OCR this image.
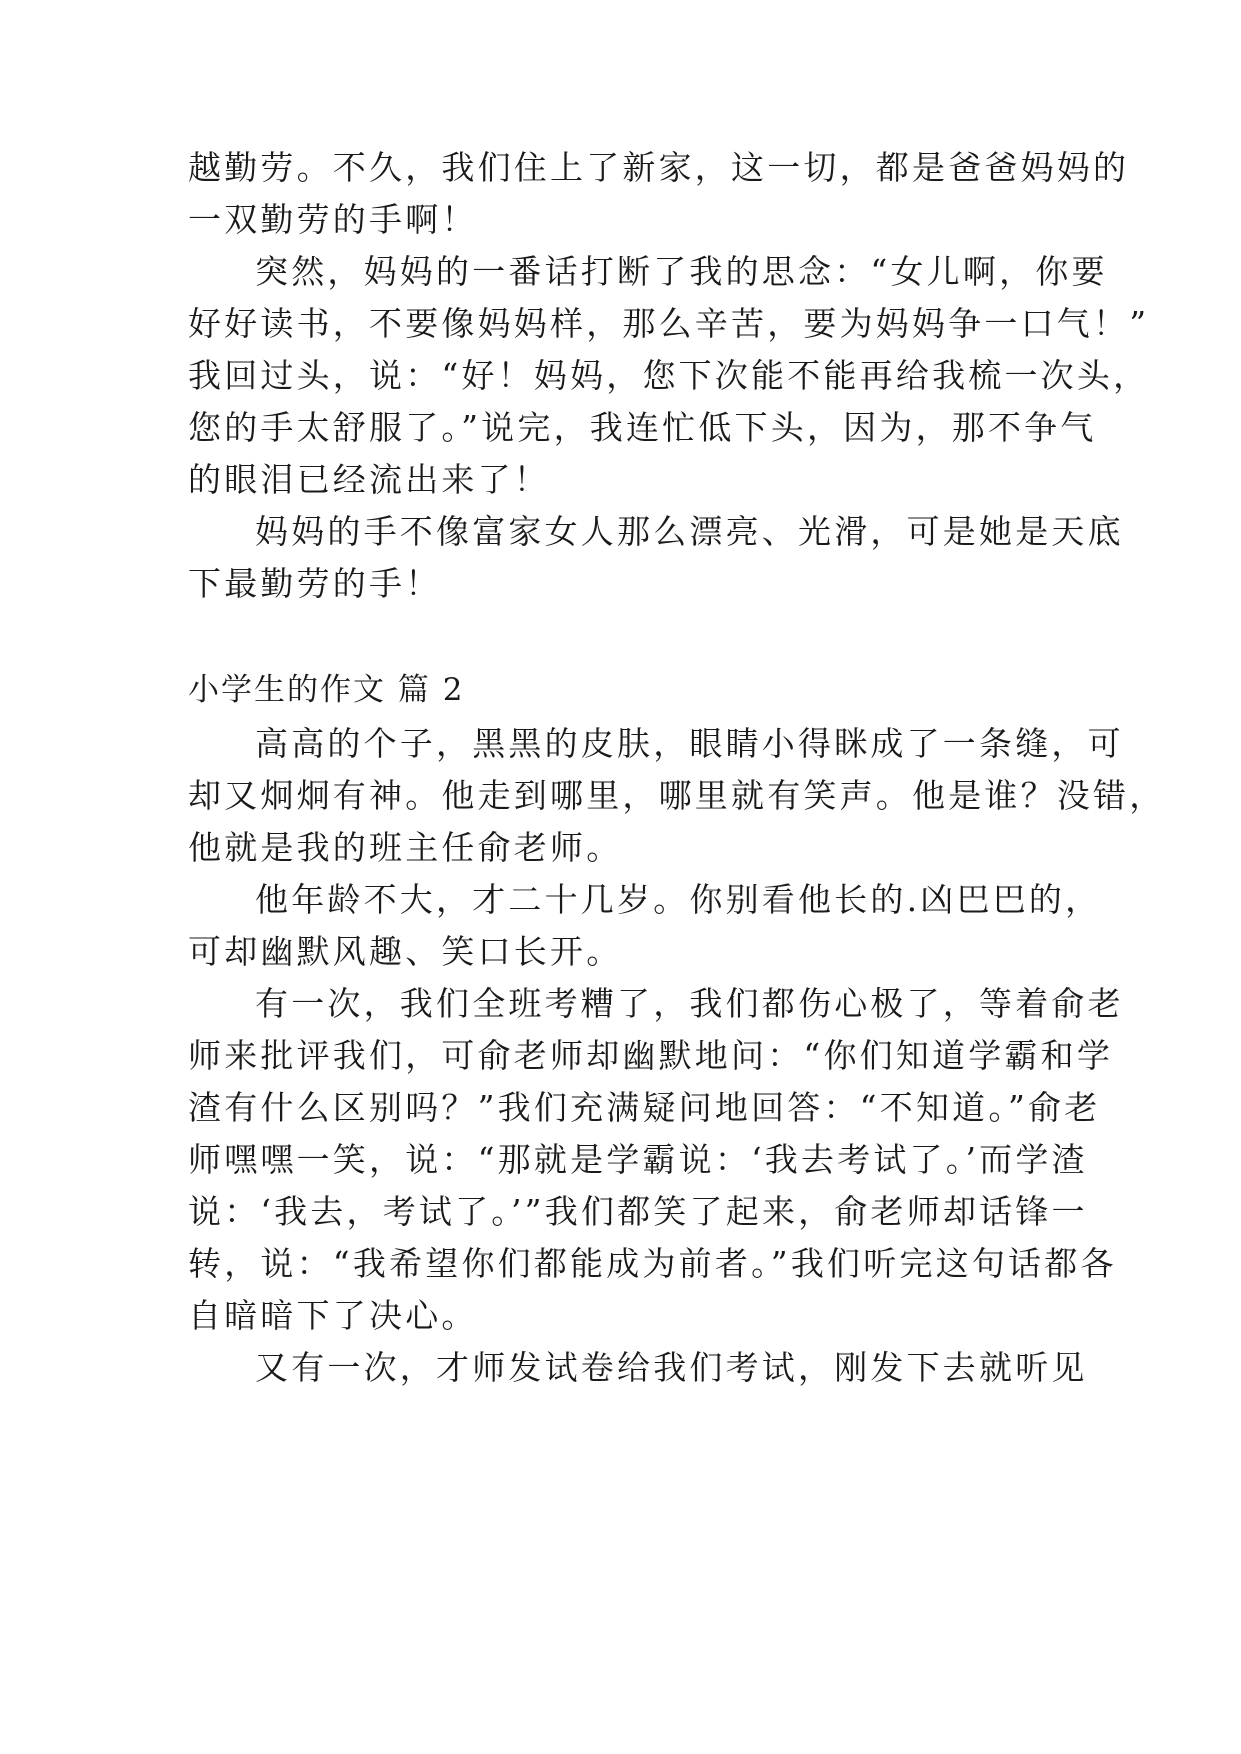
越勤劳。不久，我们住上了新家，这一切，都是爸爸妈妈的
一双勤劳的手啊！
突然，妈妈的一番话打断了我的思念：“女儿啊，你要
好好读书，不要像妈妈样，那么辛苦，要为妈妈争一口气！”
我回过头，说：“好！妈妈，您下次能不能再给我梳一次头，
您的手太舒服了。”说完，我连忙低下头，因为，那不争气
的眼泪已经流出来了！
妈妈的手不像富家女人那么漂亮、光滑，可是她是天底
下最勤劳的手！
小学生的作文 篇 2
高高的个子，黑黑的皮肤，眼睛小得眯成了一条缝，可
却又炯炯有神。他走到哪里，哪里就有笑声。他是谁？没错，
他就是我的班主任俞老师。
他年龄不大，才二十几岁。你别看他长的.凶巴巴的，
可却幽默风趣、笑口长开。
有一次，我们全班考糟了，我们都伤心极了，等着俞老
师来批评我们，可俞老师却幽默地问：“你们知道学霸和学
渣有什么区别吗？”我们充满疑问地回答：“不知道。”俞老
师嘿嘿一笑，说：“那就是学霸说：‘我去考试了。’而学渣
说：‘我去，考试了。’”我们都笑了起来，俞老师却话锋一
转，说：“我希望你们都能成为前者。”我们听完这句话都各
自暗暗下了决心。
又有一次，才师发试卷给我们考试，刚发下去就听见
